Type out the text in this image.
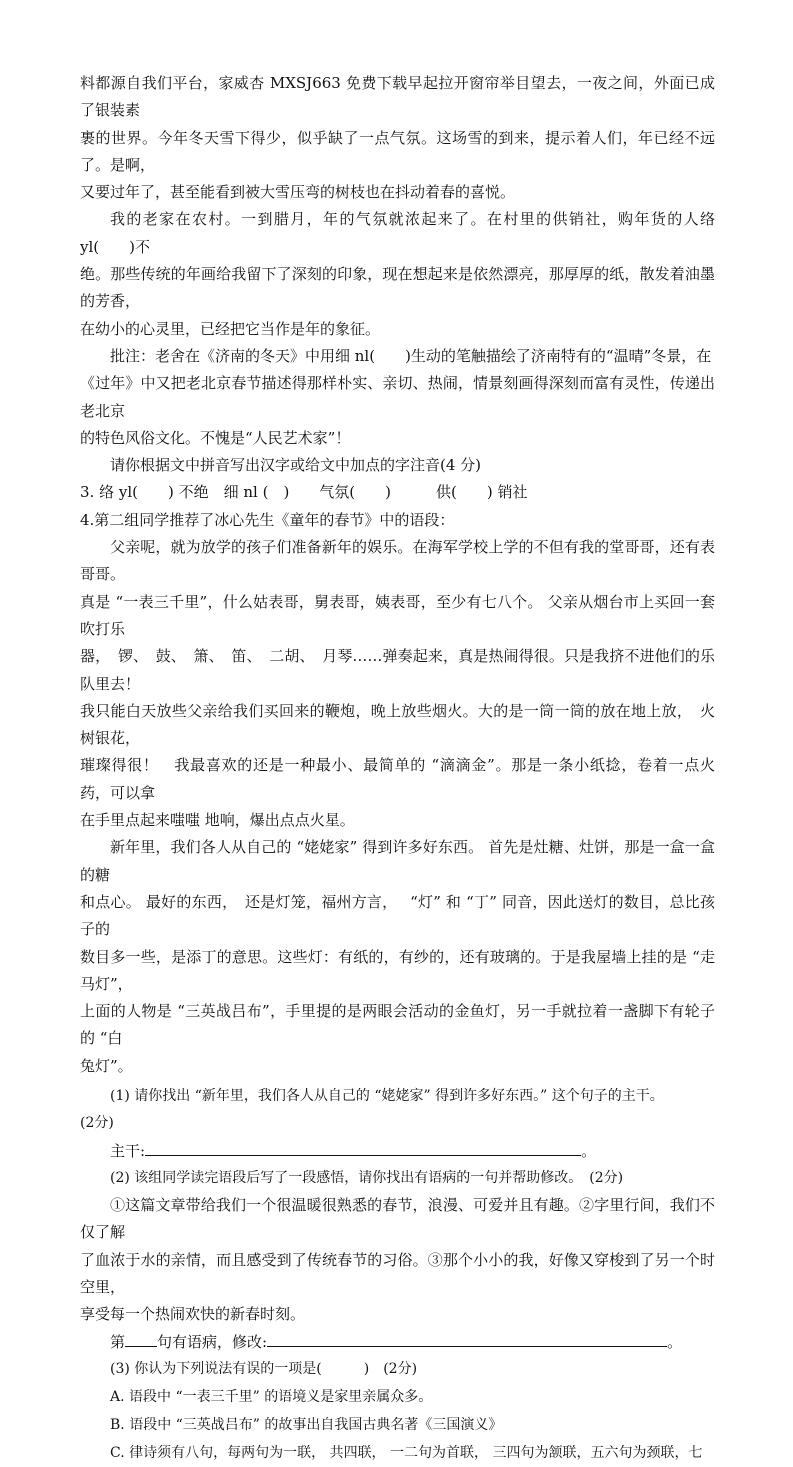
料都源自我们平台，家威杏 MXSJ663 免费下载早起拉开窗帘举目望去，一夜之间，外面已成了银装素
裹的世界。今年冬天雪下得少，似乎缺了一点气氛。这场雪的到来，提示着人们，年已经不远了。是啊，
又要过年了，甚至能看到被大雪压弯的树枝也在抖动着春的喜悦。

我的老家在农村。一到腊月，年的气氛就浓起来了。在村里的供销社，购年货的人络 yl(　　)不
绝。那些传统的年画给我留下了深刻的印象，现在想起来是依然漂亮，那厚厚的纸，散发着油墨的芳香，
在幼小的心灵里，已经把它当作是年的象征。

批注：老舍在《济南的冬天》中用细 nl(　　)生动的笔触描绘了济南特有的“温晴”冬景，在
《过年》中又把老北京春节描述得那样朴实、亲切、热闹，情景刻画得深刻而富有灵性，传递出老北京
的特色风俗文化。不愧是“人民艺术家”！

请你根据文中拼音写出汉字或给文中加点的字注音(4 分)

3. 络 yl(　　) 不绝　细 nl (　)　　气氛(　　)　　　供(　　) 销社

4.第二组同学推荐了冰心先生《童年的春节》中的语段：

父亲呢，就为放学的孩子们准备新年的娱乐。在海军学校上学的不但有我的堂哥哥，还有表哥哥。
真是 “一表三千里”，什么姑表哥，舅表哥，姨表哥，至少有七八个。 父亲从烟台市上买回一套吹打乐
器，　锣、　鼓、　箫、　笛、　二胡、　月琴……弹奏起来，真是热闹得很。只是我挤不进他们的乐队里去！
我只能白天放些父亲给我们买回来的鞭炮，晚上放些烟火。大的是一筒一筒的放在地上放，　火树银花，
璀璨得很！　我最喜欢的还是一种最小、最简单的 “滴滴金”。那是一条小纸捻，卷着一点火药，可以拿
在手里点起来嗤嗤 地响，爆出点点火星。

新年里，我们各人从自己的 “姥姥家” 得到许多好东西。 首先是灶糖、灶饼，那是一盒一盒的糖
和点心。 最好的东西，　还是灯笼，福州方言，　 “灯” 和 “丁” 同音，因此送灯的数目，总比孩子的
数目多一些，是添丁的意思。这些灯：有纸的，有纱的，还有玻璃的。于是我屋墙上挂的是 “走马灯”，
上面的人物是 “三英战吕布”，手里提的是两眼会活动的金鱼灯，另一手就拉着一盏脚下有轮子的 “白
兔灯”。

(1) 请你找出 “新年里，我们各人从自己的 “姥姥家” 得到许多好东西。” 这个句子的主干。
(2分)

主干:	。

(2) 该组同学读完语段后写了一段感悟，请你找出有语病的一句并帮助修改。　(2分)

①这篇文章带给我们一个很温暖很熟悉的春节，浪漫、可爱并且有趣。②字里行间，我们不仅了解
了血浓于水的亲情，而且感受到了传统春节的习俗。③那个小小的我，好像又穿梭到了另一个时空里，
享受每一个热闹欢快的新春时刻。

第 句有语病，修改:	。

(3) 你认为下列说法有误的一项是(　　　)　(2分)

A. 语段中 “一表三千里” 的语境义是家里亲属众多。

B. 语段中 “三英战吕布” 的故事出自我国古典名著《三国演义》

C. 律诗须有八句，每两句为一联， 共四联， 一二句为首联， 三四句为颔联，五六句为颈联，七
